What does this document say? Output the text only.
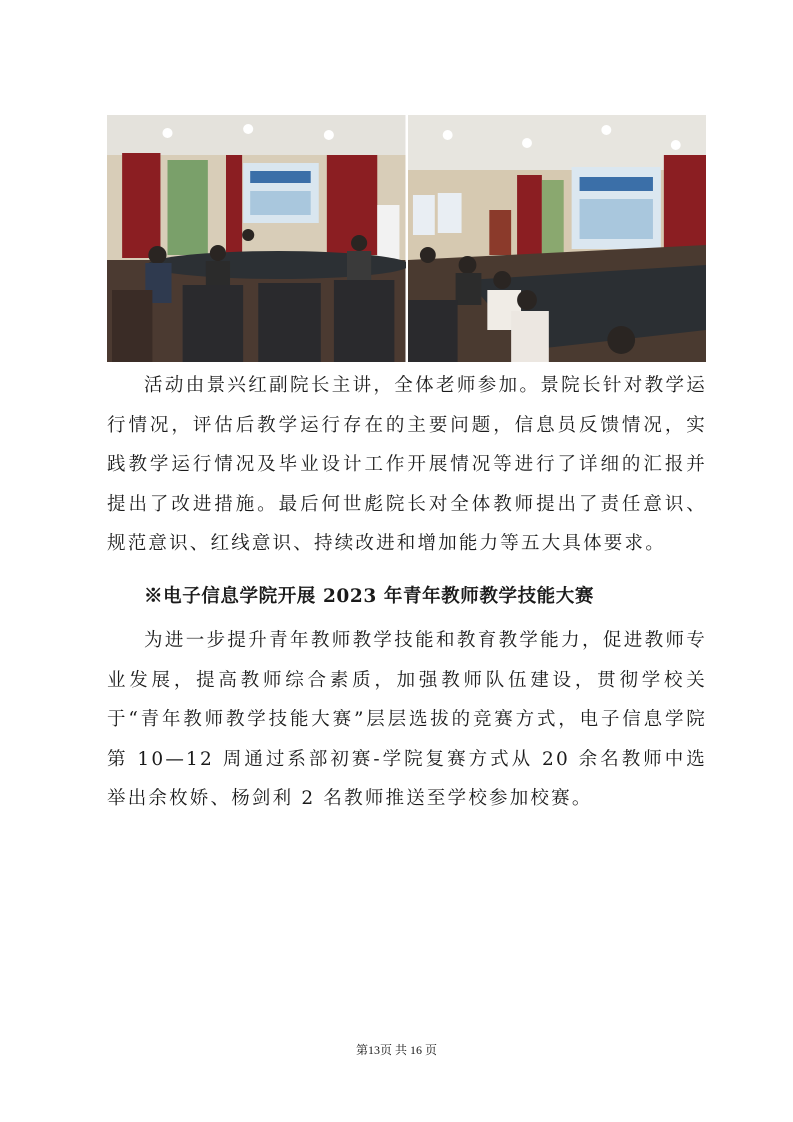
活动由景兴红副院长主讲，全体老师参加。景院长针对教学运行情况，评估后教学运行存在的主要问题，信息员反馈情况，实践教学运行情况及毕业设计工作开展情况等进行了详细的汇报并提出了改进措施。最后何世彪院长对全体教师提出了责任意识、规范意识、红线意识、持续改进和增加能力等五大具体要求。

※电子信息学院开展 2023 年青年教师教学技能大赛

为进一步提升青年教师教学技能和教育教学能力，促进教师专业发展，提高教师综合素质，加强教师队伍建设，贯彻学校关于“青年教师教学技能大赛”层层选拔的竞赛方式，电子信息学院第 10—12 周通过系部初赛-学院复赛方式从 20 余名教师中选举出余枚娇、杨剑利 2 名教师推送至学校参加校赛。

第13页 共 16 页
